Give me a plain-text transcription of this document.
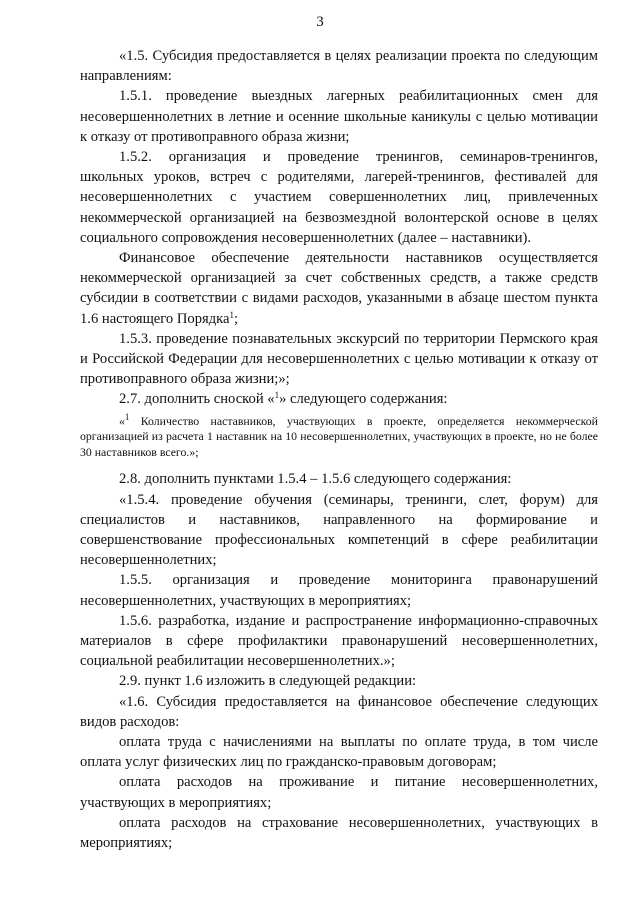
3

«1.5. Субсидия предоставляется в целях реализации проекта по следующим направлениям:

1.5.1. проведение выездных лагерных реабилитационных смен для несовершеннолетних в летние и осенние школьные каникулы с целью мотивации к отказу от противоправного образа жизни;

1.5.2. организация и проведение тренингов, семинаров-тренингов, школьных уроков, встреч с родителями, лагерей-тренингов, фестивалей для несовершеннолетних с участием совершеннолетних лиц, привлеченных некоммерческой организацией на безвозмездной волонтерской основе в целях социального сопровождения несовершеннолетних (далее – наставники).

Финансовое обеспечение деятельности наставников осуществляется некоммерческой организацией за счет собственных средств, а также средств субсидии в соответствии с видами расходов, указанными в абзаце шестом пункта 1.6 настоящего Порядка$^1$;

1.5.3. проведение познавательных экскурсий по территории Пермского края и Российской Федерации для несовершеннолетних с целью мотивации к отказу от противоправного образа жизни;»;

2.7. дополнить сноской «$^1$» следующего содержания:

«$^1$ Количество наставников, участвующих в проекте, определяется некоммерческой организацией из расчета 1 наставник на 10 несовершеннолетних, участвующих в проекте, но не более 30 наставников всего.»;

2.8. дополнить пунктами 1.5.4 – 1.5.6 следующего содержания:

«1.5.4. проведение обучения (семинары, тренинги, слет, форум) для специалистов и наставников, направленного на формирование и совершенствование профессиональных компетенций в сфере реабилитации несовершеннолетних;

1.5.5. организация и проведение мониторинга правонарушений несовершеннолетних, участвующих в мероприятиях;

1.5.6. разработка, издание и распространение информационно-справочных материалов в сфере профилактики правонарушений несовершеннолетних, социальной реабилитации несовершеннолетних.»;

2.9. пункт 1.6 изложить в следующей редакции:

«1.6. Субсидия предоставляется на финансовое обеспечение следующих видов расходов:

оплата труда с начислениями на выплаты по оплате труда, в том числе оплата услуг физических лиц по гражданско-правовым договорам;

оплата расходов на проживание и питание несовершеннолетних, участвующих в мероприятиях;

оплата расходов на страхование несовершеннолетних, участвующих в мероприятиях;
